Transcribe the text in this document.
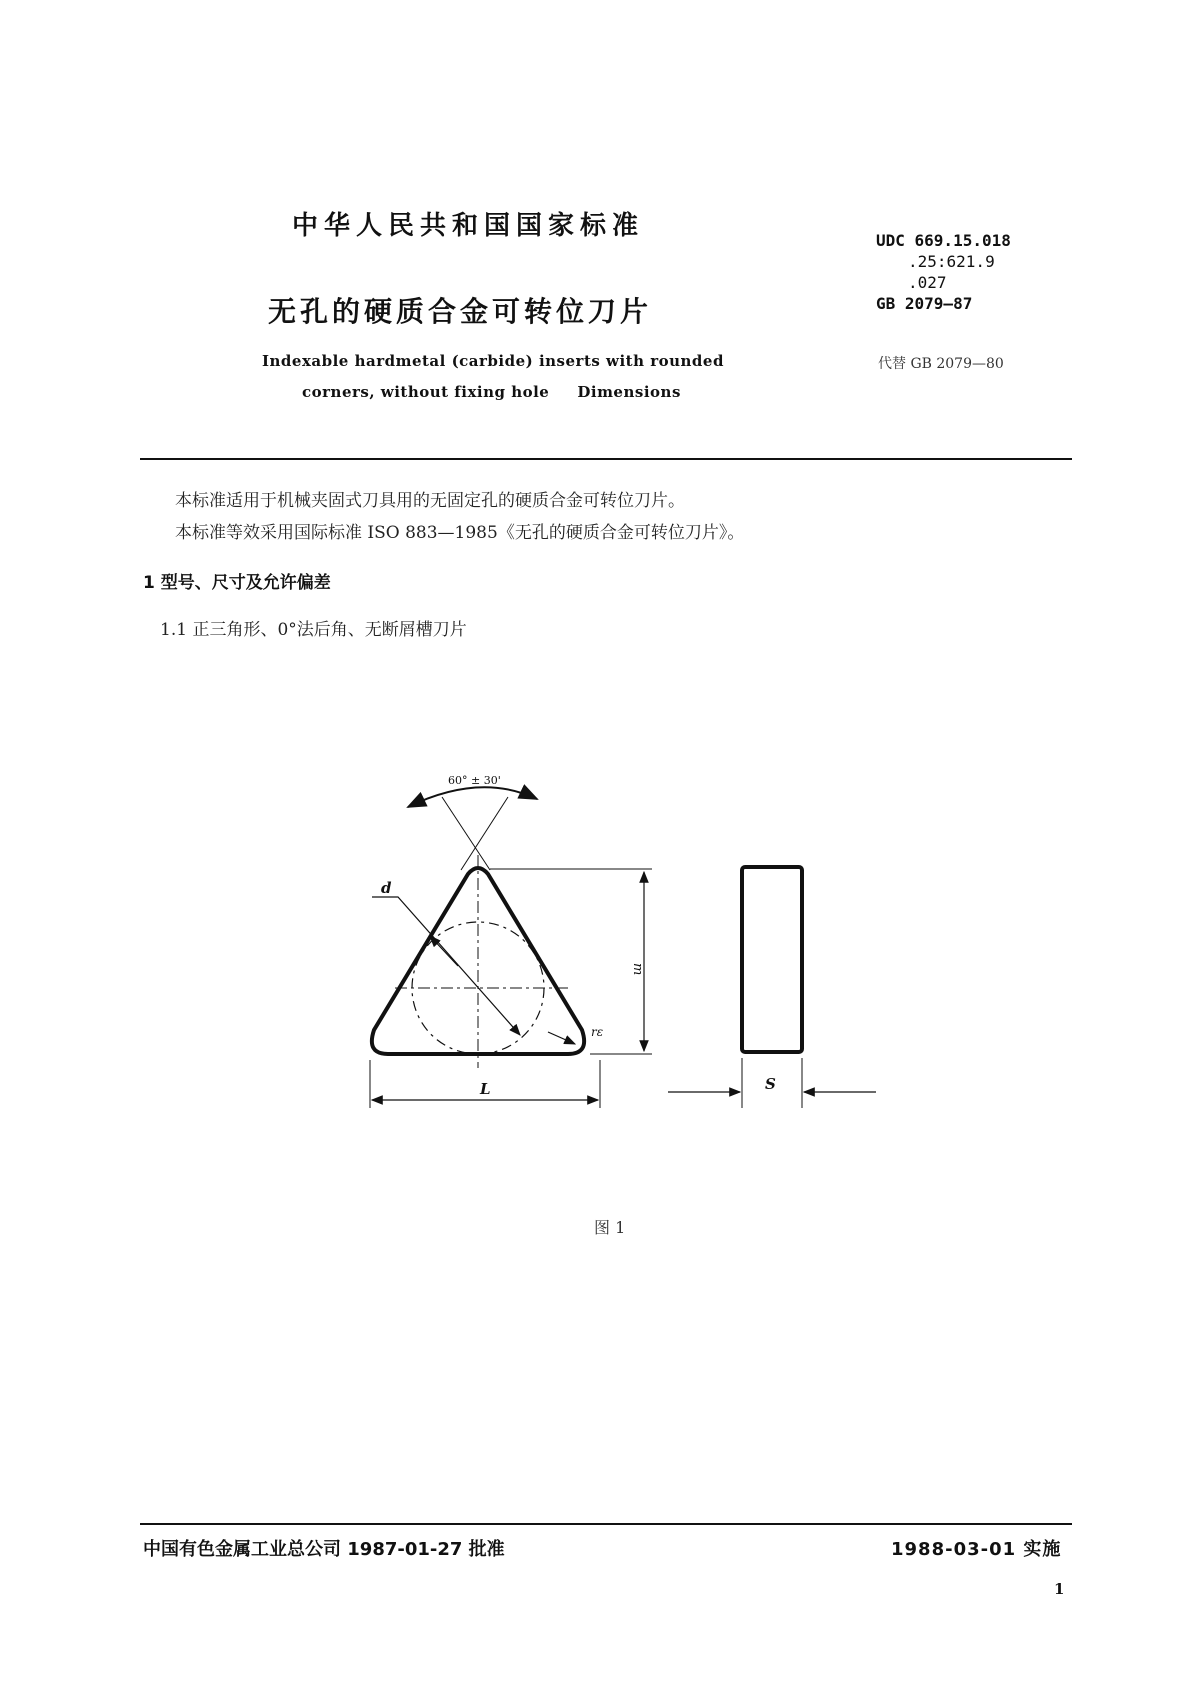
中华人民共和国国家标准
无孔的硬质合金可转位刀片
Indexable hardmetal (carbide) inserts with rounded
corners, without fixing hole Dimensions
UDC 669.15.018
.25:621.9
.027
GB 2079—87
代替 GB 2079—80
本标准适用于机械夹固式刀具用的无固定孔的硬质合金可转位刀片。
本标准等效采用国际标准 ISO 883—1985《无孔的硬质合金可转位刀片》。
1 型号、尺寸及允许偏差
1.1 正三角形、0°法后角、无断屑槽刀片
60° ± 30'
d
m
rε
L	S
图 1
中国有色金属工业总公司 1987-01-27 批准	1988-03-01 实施
1
